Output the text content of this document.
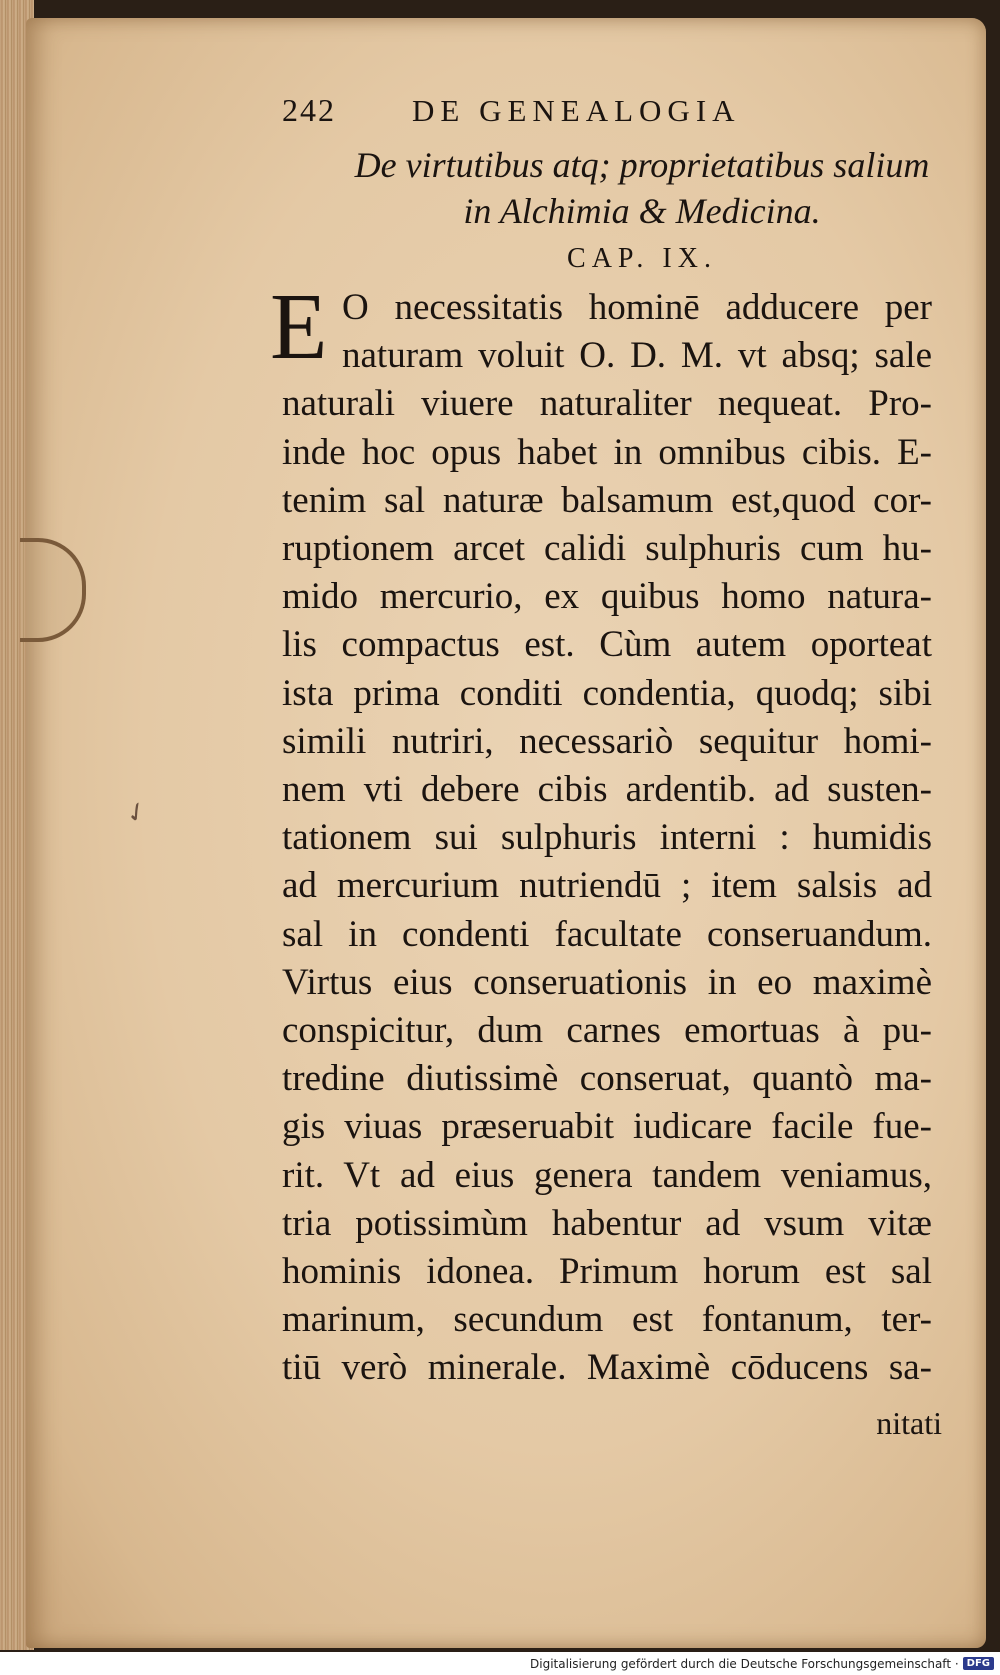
✓
242	DE GENEALOGIA
De virtutibus atq; proprietatibus salium
in Alchimia & Medicina.
CAP. IX.
E O necessitatis hominē adducere per
naturam voluit O. D. M. vt absq; sale
naturali viuere naturaliter nequeat. Pro-
inde hoc opus habet in omnibus cibis. E-
tenim sal naturæ balsamum est,quod cor-
ruptionem arcet calidi sulphuris cum hu-
mido mercurio, ex quibus homo natura-
lis compactus est. Cùm autem oporteat
ista prima conditi condentia, quodq; sibi
simili nutriri, necessariò sequitur homi-
nem vti debere cibis ardentib. ad susten-
tationem sui sulphuris interni : humidis
ad mercurium nutriendū ; item salsis ad
sal in condenti facultate conseruandum.
Virtus eius conseruationis in eo maximè
conspicitur, dum carnes emortuas à pu-
tredine diutissimè conseruat, quantò ma-
gis viuas præseruabit iudicare facile fue-
rit. Vt ad eius genera tandem veniamus,
tria potissimùm habentur ad vsum vitæ
hominis idonea. Primum horum est sal
marinum, secundum est fontanum, ter-
tiū verò minerale. Maximè cōducens sa-
nitati
Digitalisierung gefördert durch die Deutsche Forschungsgemeinschaft · DFG
